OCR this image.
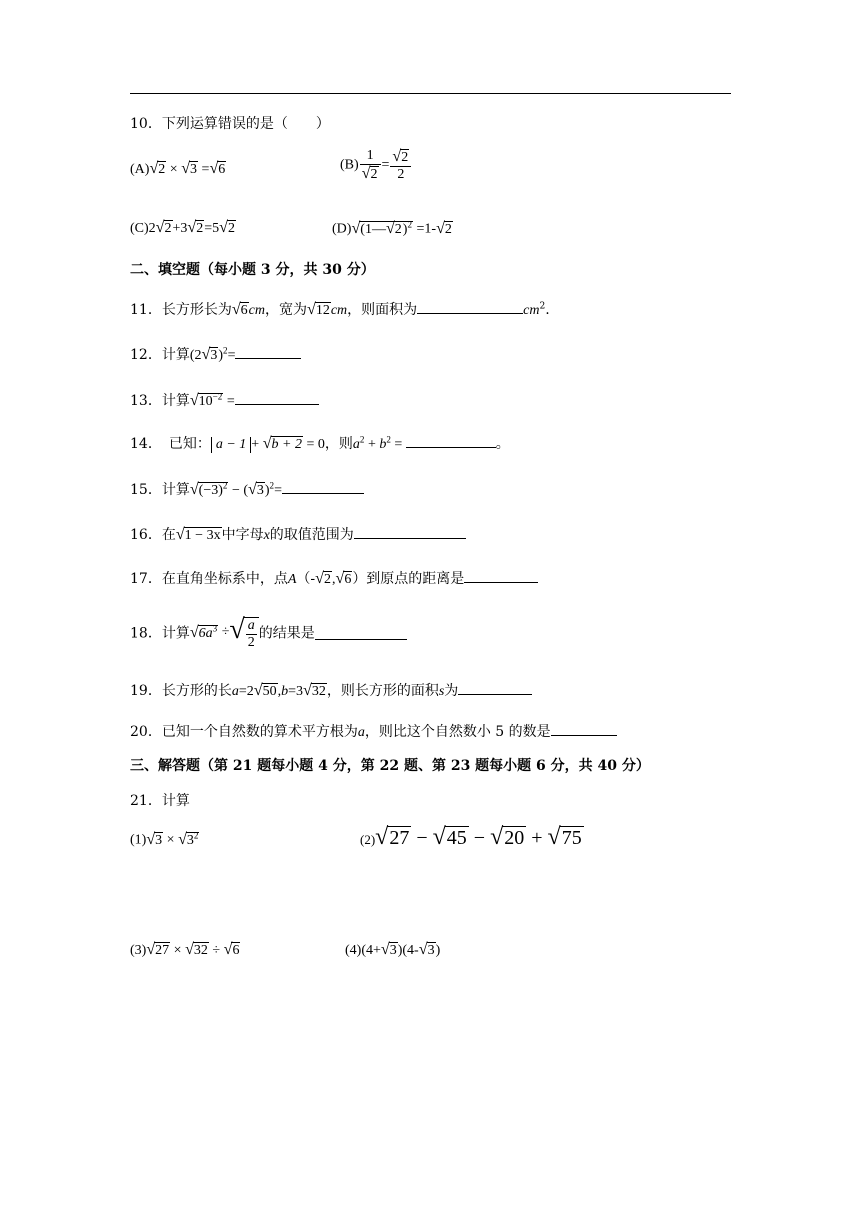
10．下列运算错误的是（　　）
(A)√2 × √3 =√6	$(B) \frac{1}{√2} = \frac{√2}{2}$
(C)2√2+3√2=5√2	(D)√(1—√2)$^2$ =1-√2
二、填空题（每小题 3 分，共 30 分）
11．长方形长为√6cm，宽为√12cm，则面积为	$cm^2$.
12．计算$(2√3)^2=$
13．计算$√10^{-2}$ =
14．　已知： a − 1 + √b + 2 = 0，则$a^2 + b^2$ =	。
15．计算$√(-3)^2 - (√3)^2=$
16．在√1 − 3x中字母x的取值范围为
17．在直角坐标系中，点A（-√2,√6）到原点的距离是
18．计算$√6a^3$ ÷√ $\frac{a}{2}$ 的结果是
19．长方形的长a=2√50,b=3√32，则长方形的面积s为
20．已知一个自然数的算术平方根为a，则比这个自然数小 5 的数是
三、解答题（第 21 题每小题 4 分，第 22 题、第 23 题每小题 6 分，共 40 分）
21．计算
$(1)√3 \times √3^2$	(2)√27 − √45 − √20 + √75
(3)√27 × √32 ÷ √6	(4)(4+√3)(4-√3)
